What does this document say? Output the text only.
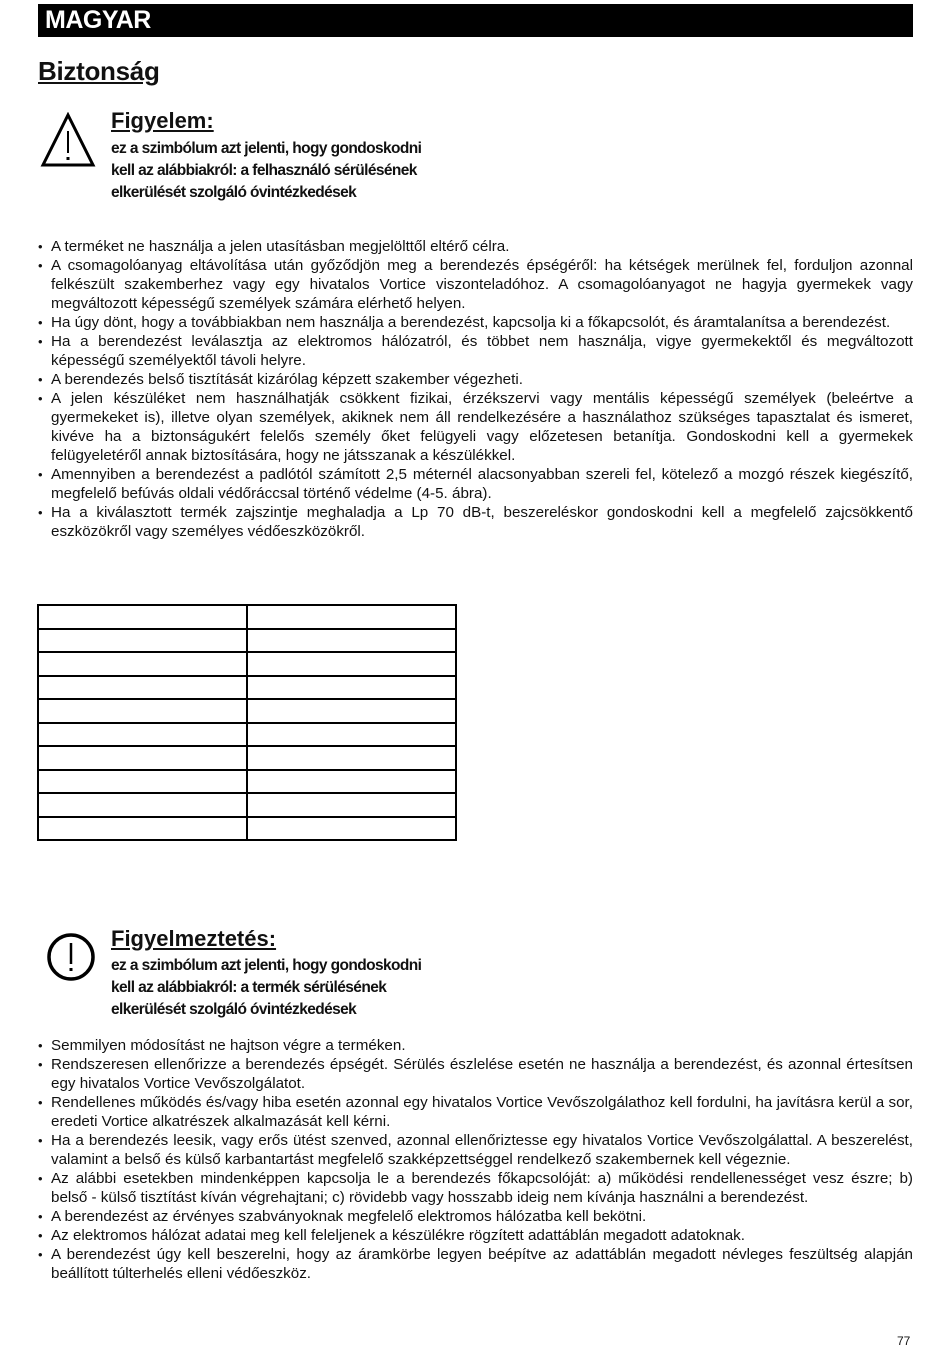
MAGYAR
Biztonság
Figyelem:
ez a szimbólum azt jelenti, hogy gondoskodni
kell az alábbiakról: a felhasználó sérülésének
elkerülését szolgáló óvintézkedések
• A terméket ne használja a jelen utasításban megjelölttől eltérő célra.
• A csomagolóanyag eltávolítása után győződjön meg a berendezés épségéről: ha kétségek merülnek fel, forduljon azonnal felkészült szakemberhez vagy egy hivatalos Vortice viszonteladóhoz. A csomagolóanyagot ne hagyja gyermekek vagy megváltozott képességű személyek számára elérhető helyen.
• Ha úgy dönt, hogy a továbbiakban nem használja a berendezést, kapcsolja ki a főkapcsolót, és áramtalanítsa a berendezést.
• Ha a berendezést leválasztja az elektromos hálózatról, és többet nem használja, vigye gyermekektől és megváltozott képességű személyektől távoli helyre.
• A berendezés belső tisztítását kizárólag képzett szakember végezheti.
• A jelen készüléket nem használhatják csökkent fizikai, érzékszervi vagy mentális képességű személyek (beleértve a gyermekeket is), illetve olyan személyek, akiknek nem áll rendelkezésére a használathoz szükséges tapasztalat és ismeret, kivéve ha a biztonságukért felelős személy őket felügyeli vagy előzetesen betanítja. Gondoskodni kell a gyermekek felügyeletéről annak biztosítására, hogy ne játsszanak a készülékkel.
• Amennyiben a berendezést a padlótól számított 2,5 méternél alacsonyabban szereli fel, kötelező a mozgó részek kiegészítő, megfelelő befúvás oldali védőráccsal történő védelme (4-5. ábra).
• Ha a kiválasztott termék zajszintje meghaladja a Lp 70 dB-t, beszereléskor gondoskodni kell a megfelelő zajcsökkentő eszközökről vagy személyes védőeszközökről.

Figyelmeztetés:
ez a szimbólum azt jelenti, hogy gondoskodni
kell az alábbiakról: a termék sérülésének
elkerülését szolgáló óvintézkedések
• Semmilyen módosítást ne hajtson végre a terméken.
• Rendszeresen ellenőrizze a berendezés épségét. Sérülés észlelése esetén ne használja a berendezést, és azonnal értesítsen egy hivatalos Vortice Vevőszolgálatot.
• Rendellenes működés és/vagy hiba esetén azonnal egy hivatalos Vortice Vevőszolgálathoz kell fordulni, ha javításra kerül a sor, eredeti Vortice alkatrészek alkalmazását kell kérni.
• Ha a berendezés leesik, vagy erős ütést szenved, azonnal ellenőriztesse egy hivatalos Vortice Vevőszolgálattal. A beszerelést, valamint a belső és külső karbantartást megfelelő szakképzettséggel rendelkező szakembernek kell végeznie.
• Az alábbi esetekben mindenképpen kapcsolja le a berendezés főkapcsolóját: a) működési rendellenességet vesz észre; b) belső - külső tisztítást kíván végrehajtani; c) rövidebb vagy hosszabb ideig nem kívánja használni a berendezést.
• A berendezést az érvényes szabványoknak megfelelő elektromos hálózatba kell bekötni.
• Az elektromos hálózat adatai meg kell feleljenek a készülékre rögzített adattáblán megadott adatoknak.
• A berendezést úgy kell beszerelni, hogy az áramkörbe legyen beépítve az adattáblán megadott névleges feszültség alapján beállított túlterhelés elleni védőeszköz.
77
